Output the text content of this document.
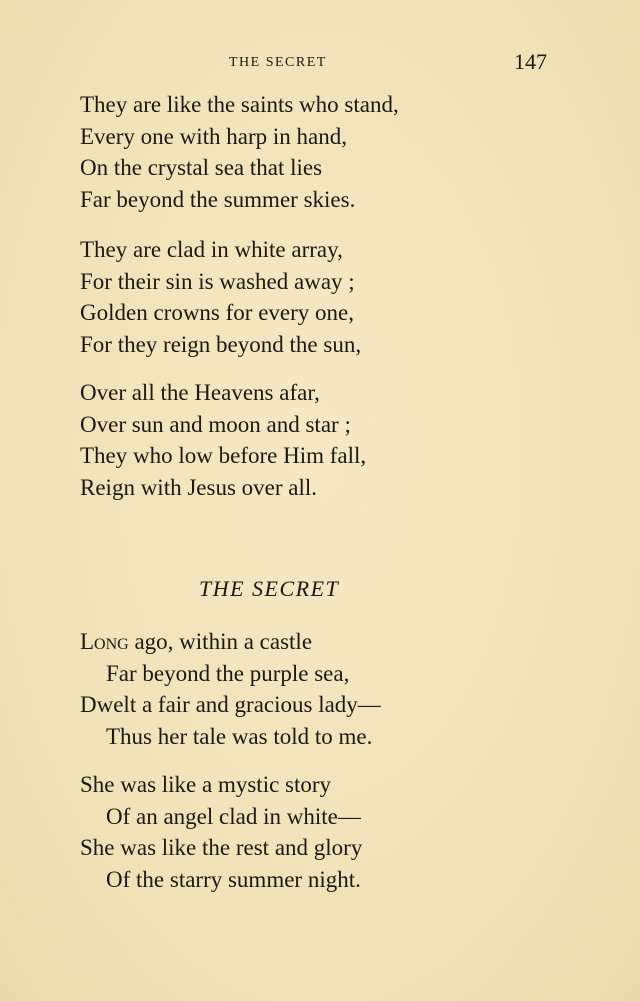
THE SECRET	147

They are like the saints who stand,
Every one with harp in hand,
On the crystal sea that lies
Far beyond the summer skies.

They are clad in white array,
For their sin is washed away ;
Golden crowns for every one,
For they reign beyond the sun,

Over all the Heavens afar,
Over sun and moon and star ;
They who low before Him fall,
Reign with Jesus over all.

THE SECRET

Long ago, within a castle
Far beyond the purple sea,
Dwelt a fair and gracious lady—
Thus her tale was told to me.

She was like a mystic story
Of an angel clad in white—
She was like the rest and glory
Of the starry summer night.
